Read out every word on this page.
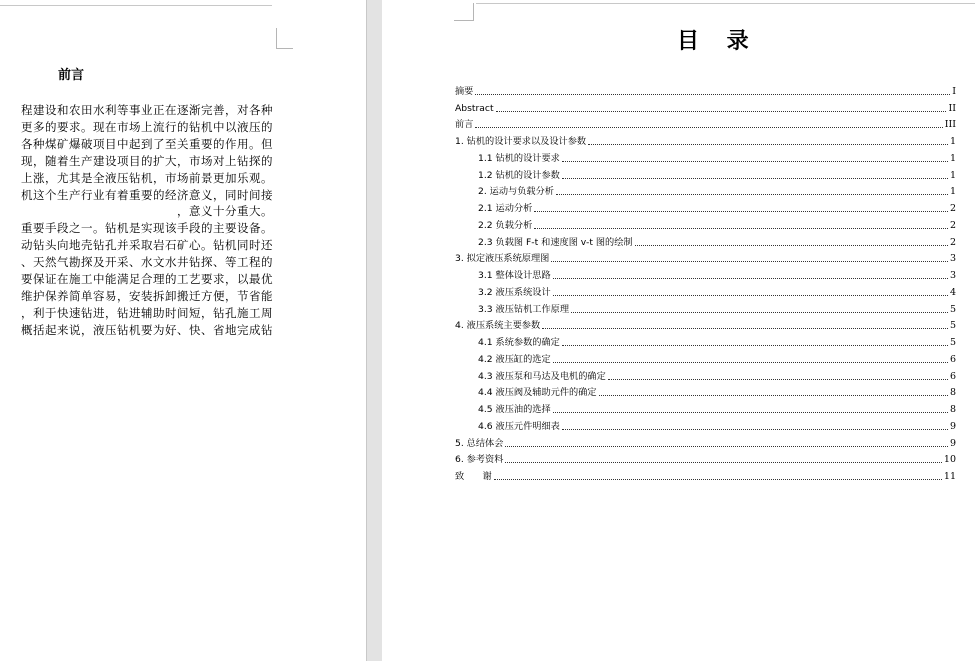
前言
程建设和农田水利等事业正在逐渐完善，对各种
更多的要求。现在市场上流行的钻机中以液压的
各种煤矿爆破项目中起到了至关重要的作用。但
现，随着生产建设项目的扩大，市场对上钻探的
上涨，尤其是全液压钻机，市场前景更加乐观。
机这个生产行业有着重要的经济意义，同时间接
，意义十分重大。
重要手段之一。钻机是实现该手段的主要设备。
动钻头向地壳钻孔并采取岩石矿心。钻机同时还
、天然气勘探及开采、水文水井钻探、等工程的
要保证在施工中能满足合理的工艺要求，以最优
维护保养简单容易，安装拆卸搬迁方便，节省能
，利于快速钻进，钻进辅助时间短，钻孔施工周
概括起来说，液压钻机要为好、快、省地完成钻
目 录
摘要	I
Abstract	II
前言	III
1. 钻机的设计要求以及设计参数	1
1.1 钻机的设计要求	1
1.2 钻机的设计参数	1
2. 运动与负载分析	1
2.1 运动分析	2
2.2 负载分析	2
2.3 负载图 F-t 和速度图 v-t 图的绘制	2
3. 拟定液压系统原理图	3
3.1 整体设计思路	3
3.2 液压系统设计	4
3.3 液压钻机工作原理	5
4. 液压系统主要参数	5
4.1 系统参数的确定	5
4.2 液压缸的选定	6
4.3 液压泵和马达及电机的确定	6
4.4 液压阀及辅助元件的确定	8
4.5 液压油的选择	8
4.6 液压元件明细表	9
5. 总结体会	9
6. 参考资料	10
致　　谢	11
